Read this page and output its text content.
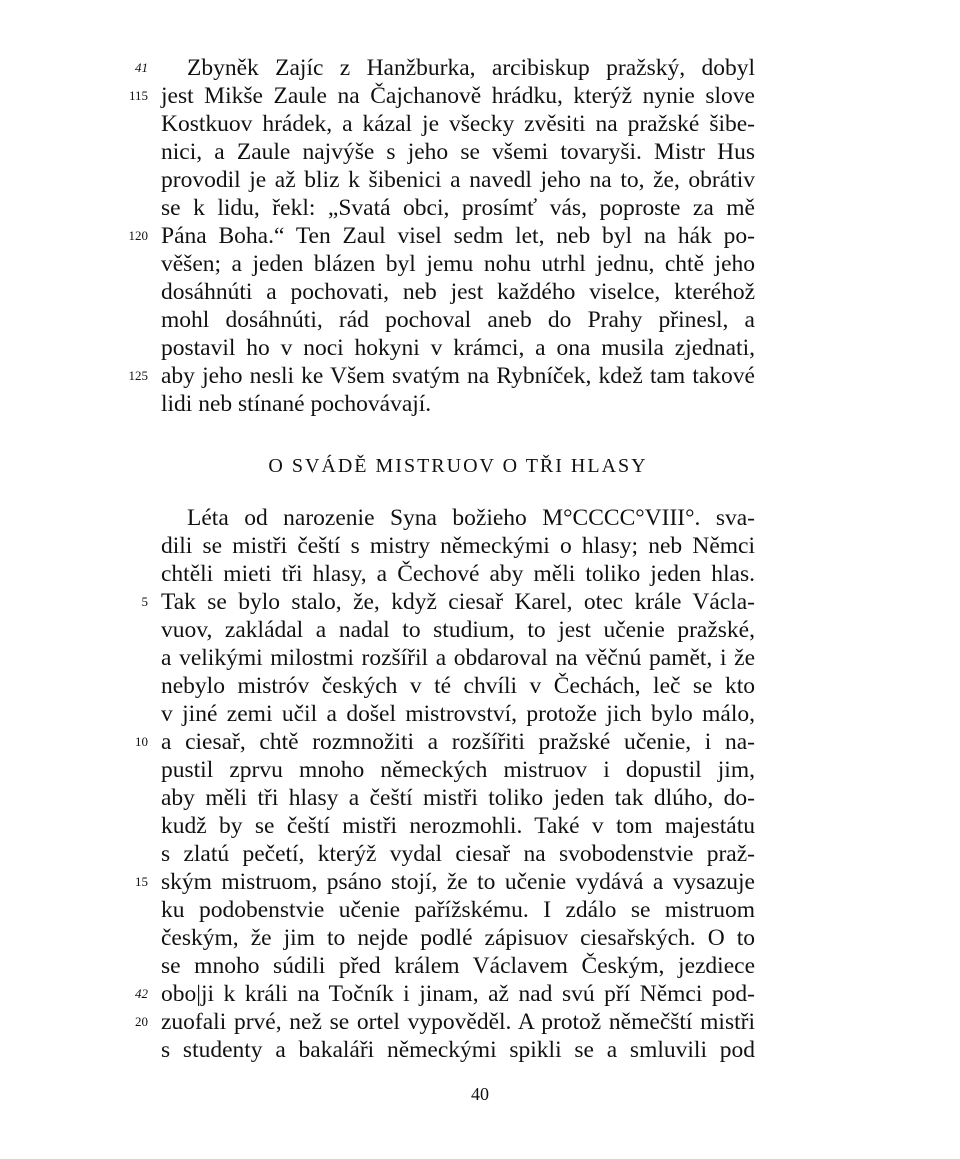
41 Zbyněk Zajíc z Hanžburka, arcibiskup pražský, dobyl
115 jest Mikše Zaule na Čajchanově hrádku, kterýž nynie slove
Kostkuov hrádek, a kázal je všecky zvěsiti na pražské šibe-
nici, a Zaule najvýše s jeho se všemi tovaryši. Mistr Hus
provodil je až bliz k šibenici a navedl jeho na to, že, obrátiv
se k lidu, řekl: „Svatá obci, prosímť vás, poproste za mě
120 Pána Boha.“ Ten Zaul visel sedm let, neb byl na hák po-
věšen; a jeden blázen byl jemu nohu utrhl jednu, chtě jeho
dosáhnúti a pochovati, neb jest každého viselce, kteréhož
mohl dosáhnúti, rád pochoval aneb do Prahy přinesl, a
postavil ho v noci hokyni v krámci, a ona musila zjednati,
125 aby jeho nesli ke Všem svatým na Rybníček, kdež tam takové
lidi neb stínané pochovávají.
O SVÁDĚ MISTRUOV O TŘI HLASY
Léta od narozenie Syna božieho M°CCCC°VIII°. sva-
dili se mistři čeští s mistry německými o hlasy; neb Němci
chtěli mieti tři hlasy, a Čechové aby měli toliko jeden hlas.
5 Tak se bylo stalo, že, když ciesař Karel, otec krále Václa-
vuov, zakládal a nadal to studium, to jest učenie pražské,
a velikými milostmi rozšířil a obdaroval na věčnú pamět, i že
nebylo mistróv českých v té chvíli v Čechách, leč se kto
v jiné zemi učil a došel mistrovství, protože jich bylo málo,
10 a ciesař, chtě rozmnožiti a rozšířiti pražské učenie, i na-
pustil zprvu mnoho německých mistruov i dopustil jim,
aby měli tři hlasy a čeští mistři toliko jeden tak dlúho, do-
kudž by se čeští mistři nerozmohli. Také v tom majestátu
s zlatú pečetí, kterýž vydal ciesař na svobodenstvie praž-
15 ským mistruom, psáno stojí, že to učenie vydává a vysazuje
ku podobenstvie učenie pařížskému. I zdálo se mistruom
českým, že jim to nejde podlé zápisuov ciesařských. O to
se mnoho súdili před králem Václavem Českým, jezdiece
42 obo|ji k králi na Točník i jinam, až nad svú pří Němci pod-
20 zuofali prvé, než se ortel vypověděl. A protož němečští mistři
s studenty a bakaláři německými spikli se a smluvili pod
40
